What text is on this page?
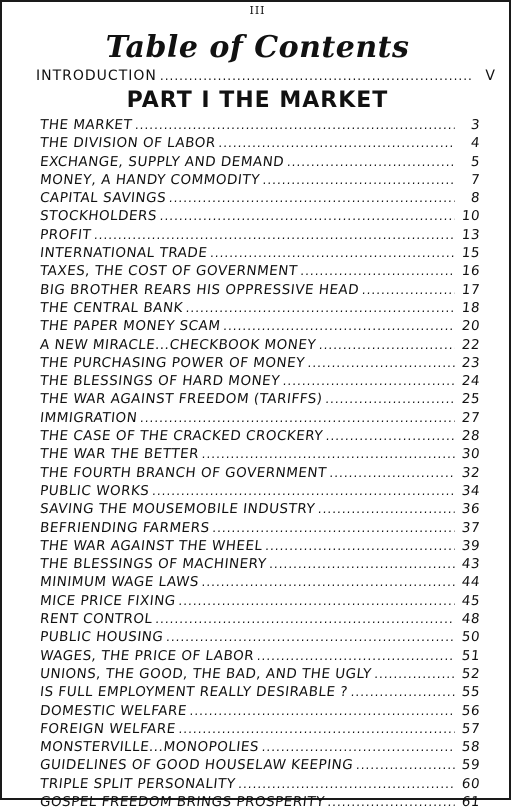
III
Table of Contents
INTRODUCTION .....	V
PART I THE MARKET
THE MARKET .....	3
THE DIVISION OF LABOR .....	4
EXCHANGE, SUPPLY AND DEMAND .....	5
MONEY, A HANDY COMMODITY .....	7
CAPITAL SAVINGS .....	8
STOCKHOLDERS .....	10
PROFIT .....	13
INTERNATIONAL TRADE .....	15
TAXES, THE COST OF GOVERNMENT .....	16
BIG BROTHER REARS HIS OPPRESSIVE HEAD .....	17
THE CENTRAL BANK .....	18
THE PAPER MONEY SCAM .....	20
A NEW MIRACLE...CHECKBOOK MONEY .....	22
THE PURCHASING POWER OF MONEY .....	23
THE BLESSINGS OF HARD MONEY .....	24
THE WAR AGAINST FREEDOM (TARIFFS) .....	25
IMMIGRATION .....	27
THE CASE OF THE CRACKED CROCKERY .....	28
THE WAR THE BETTER .....	30
THE FOURTH BRANCH OF GOVERNMENT .....	32
PUBLIC WORKS .....	34
SAVING THE MOUSEMOBILE INDUSTRY .....	36
BEFRIENDING FARMERS .....	37
THE WAR AGAINST THE WHEEL .....	39
THE BLESSINGS OF MACHINERY .....	43
MINIMUM WAGE LAWS .....	44
MICE PRICE FIXING .....	45
RENT CONTROL .....	48
PUBLIC HOUSING .....	50
WAGES, THE PRICE OF LABOR .....	51
UNIONS, THE GOOD, THE BAD, AND THE UGLY .....	52
IS FULL EMPLOYMENT REALLY DESIRABLE ? .....	55
DOMESTIC WELFARE .....	56
FOREIGN WELFARE .....	57
MONSTERVILLE...MONOPOLIES .....	58
GUIDELINES OF GOOD HOUSELAW KEEPING .....	59
TRIPLE SPLIT PERSONALITY .....	60
GOSPEL FREEDOM BRINGS PROSPERITY .....	61
